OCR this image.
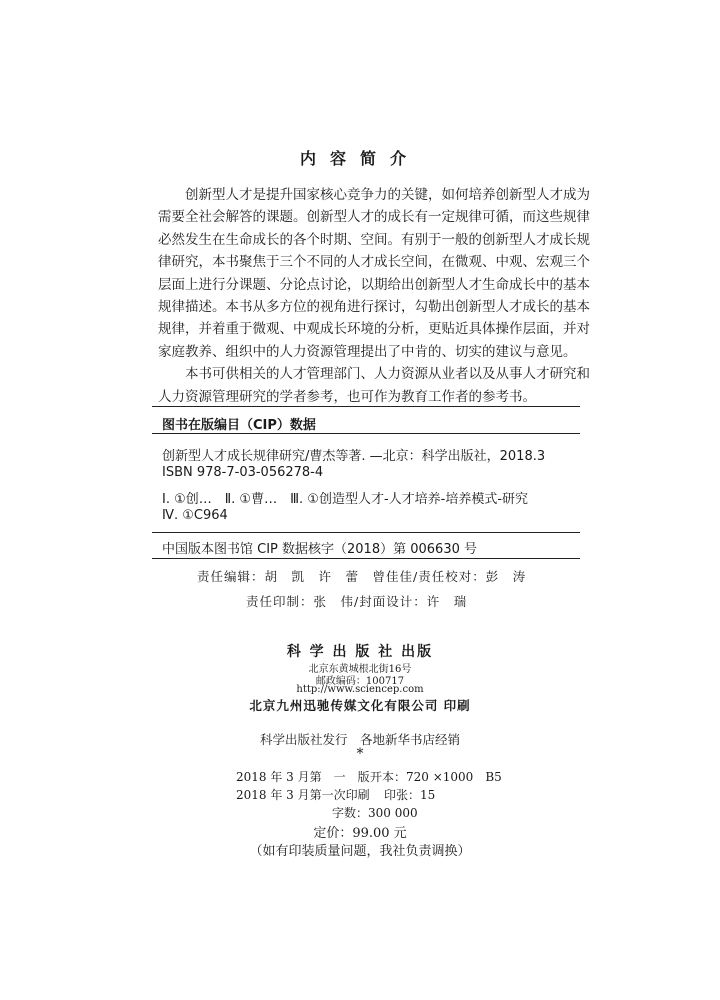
内容简介
创新型人才是提升国家核心竞争力的关键，如何培养创新型人才成为
需要全社会解答的课题。创新型人才的成长有一定规律可循，而这些规律
必然发生在生命成长的各个时期、空间。有别于一般的创新型人才成长规
律研究，本书聚焦于三个不同的人才成长空间，在微观、中观、宏观三个
层面上进行分课题、分论点讨论，以期给出创新型人才生命成长中的基本
规律描述。本书从多方位的视角进行探讨，勾勒出创新型人才成长的基本
规律，并着重于微观、中观成长环境的分析，更贴近具体操作层面，并对
家庭教养、组织中的人力资源管理提出了中肯的、切实的建议与意见。
本书可供相关的人才管理部门、人力资源从业者以及从事人才研究和
人力资源管理研究的学者参考，也可作为教育工作者的参考书。
图书在版编目（CIP）数据
创新型人才成长规律研究/曹杰等著. —北京：科学出版社，2018.3
ISBN 978-7-03-056278-4
Ⅰ. ①创…　Ⅱ. ①曹…　Ⅲ. ①创造型人才-人才培养-培养模式-研究
Ⅳ. ①C964
中国版本图书馆 CIP 数据核字（2018）第 006630 号
责任编辑：胡　凯　许　蕾　曾佳佳/责任校对：彭　涛
责任印制：张　伟/封面设计：许　瑞
科 学 出 版 社 出版
北京东黄城根北街16号
邮政编码：100717
http://www.sciencep.com
北京九州迅驰传媒文化有限公司 印刷
科学出版社发行　各地新华书店经销
*
2018 年 3 月第　一　版 开本：720 ×1000　B5
2018 年 3 月第一次印刷 印张：15
字数：300 000
定价：99.00 元
（如有印装质量问题，我社负责调换）
